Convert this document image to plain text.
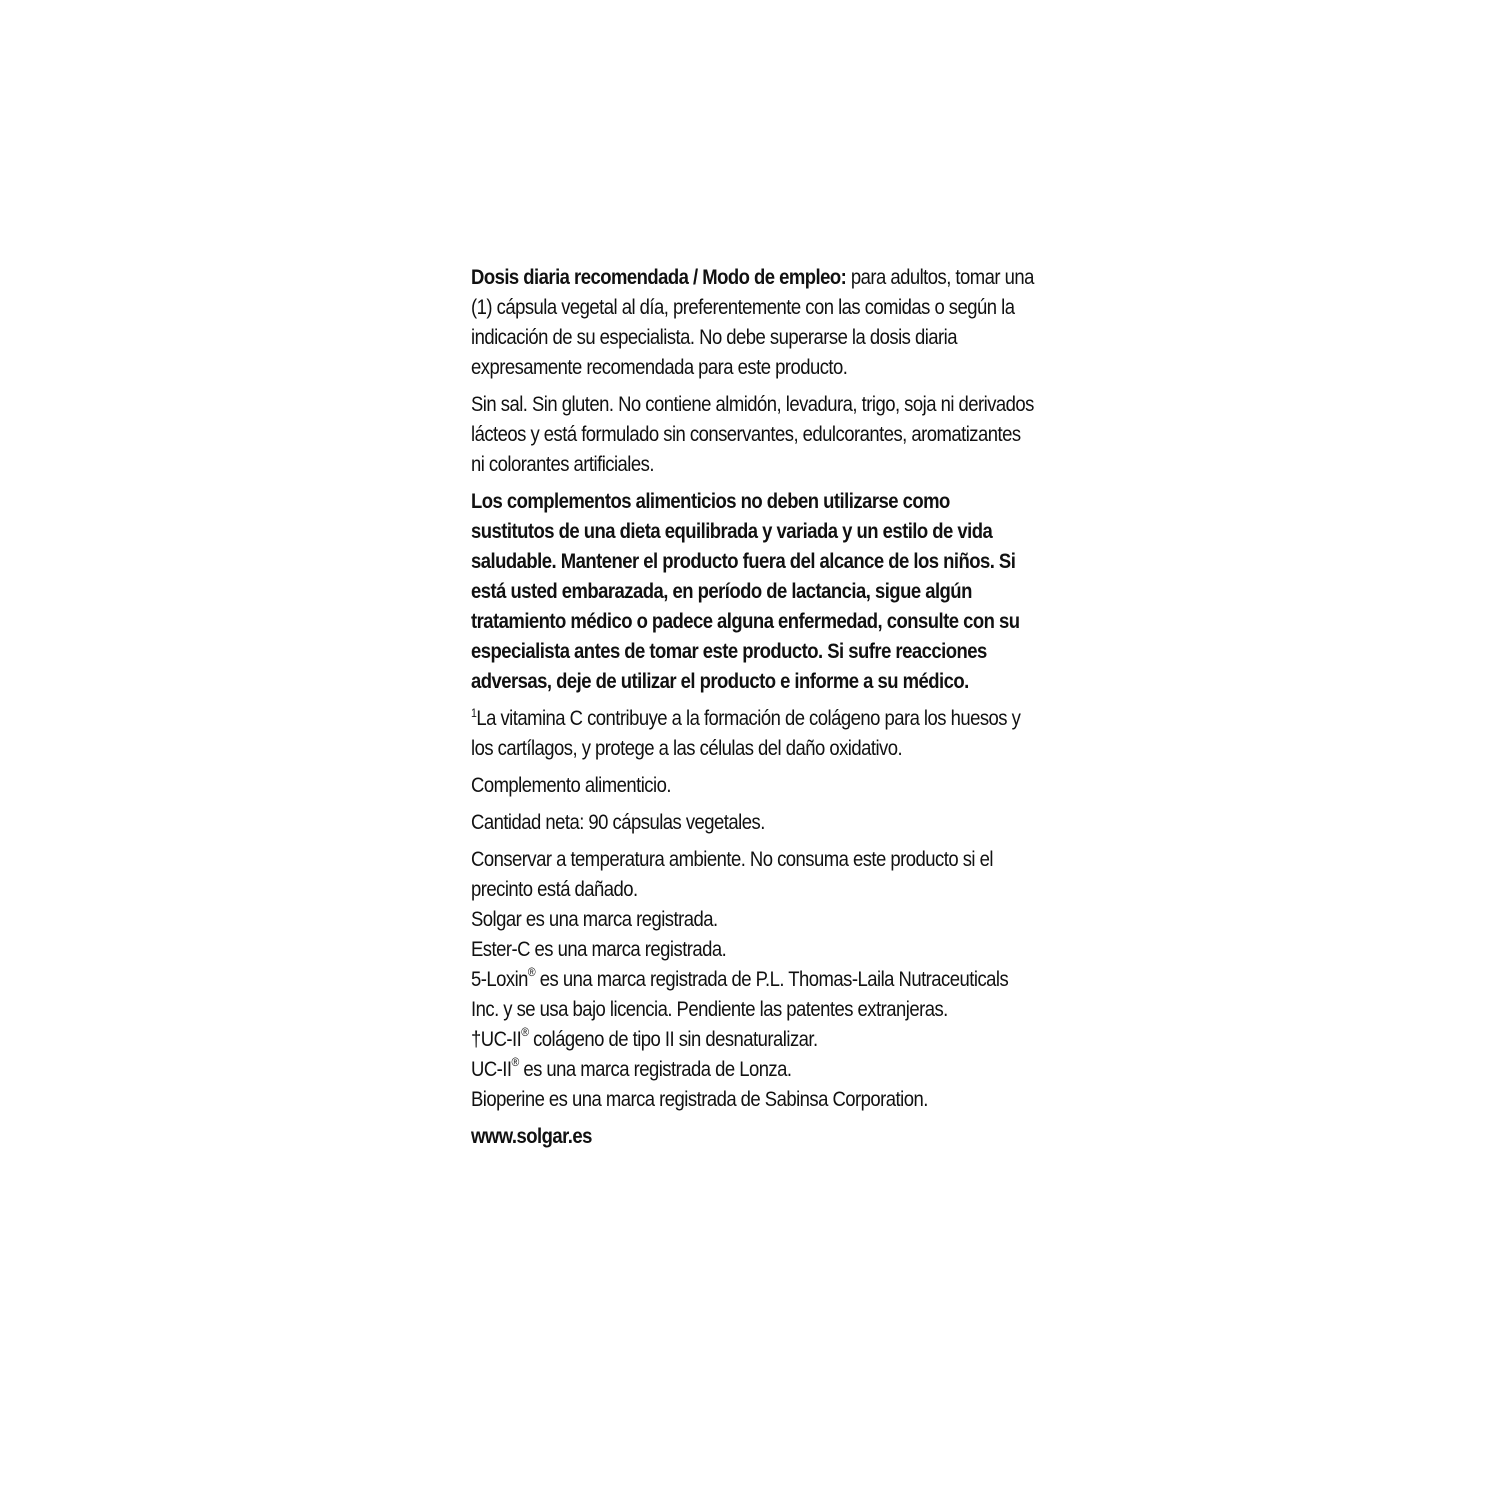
Dosis diaria recomendada / Modo de empleo: para adultos, tomar una (1) cápsula vegetal al día, preferentemente con las comidas o según la indicación de su especialista. No debe superarse la dosis diaria expresamente recomendada para este producto.

Sin sal. Sin gluten. No contiene almidón, levadura, trigo, soja ni derivados lácteos y está formulado sin conservantes, edulcorantes, aromatizantes ni colorantes artificiales.

Los complementos alimenticios no deben utilizarse como sustitutos de una dieta equilibrada y variada y un estilo de vida saludable. Mantener el producto fuera del alcance de los niños. Si está usted embarazada, en período de lactancia, sigue algún tratamiento médico o padece alguna enfermedad, consulte con su especialista antes de tomar este producto. Si sufre reacciones adversas, deje de utilizar el producto e informe a su médico.

$^1$La vitamina C contribuye a la formación de colágeno para los huesos y los cartílagos, y protege a las células del daño oxidativo.

Complemento alimenticio.

Cantidad neta: 90 cápsulas vegetales.

Conservar a temperatura ambiente. No consuma este producto si el precinto está dañado.

Solgar es una marca registrada.

Ester-C es una marca registrada.

5-Loxin® es una marca registrada de P.L. Thomas-Laila Nutraceuticals Inc. y se usa bajo licencia. Pendiente las patentes extranjeras.

†UC-II® colágeno de tipo II sin desnaturalizar.

UC-II® es una marca registrada de Lonza.

Bioperine es una marca registrada de Sabinsa Corporation.

www.solgar.es
